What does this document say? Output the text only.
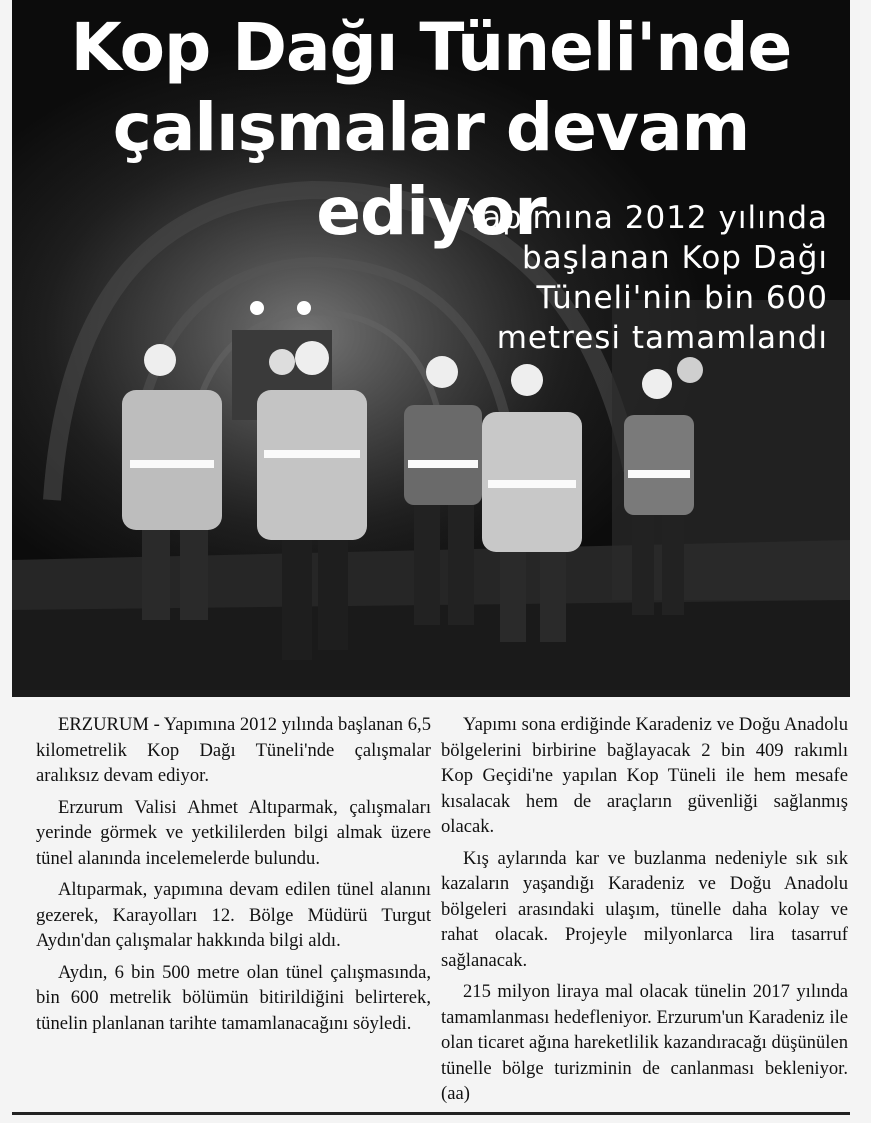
Kop Dağı Tüneli'nde
çalışmalar devam ediyor
Yapımına 2012 yılında
başlanan Kop Dağı
Tüneli'nin bin 600
metresi tamamlandı

ERZURUM - Yapımına 2012 yılında başlanan 6,5 kilometrelik Kop Dağı Tüneli'nde çalışmalar aralıksız devam ediyor.

Erzurum Valisi Ahmet Altıparmak, çalışmaları yerinde görmek ve yetkililerden bilgi almak üzere tünel alanında incelemelerde bulundu.

Altıparmak, yapımına devam edilen tünel alanını gezerek, Karayolları 12. Bölge Müdürü Turgut Aydın'dan çalışmalar hakkında bilgi aldı.

Aydın, 6 bin 500 metre olan tünel çalışmasında, bin 600 metrelik bölümün bitirildiğini belirterek, tünelin planlanan tarihte tamamlanacağını söyledi.

Yapımı sona erdiğinde Karadeniz ve Doğu Anadolu bölgelerini birbirine bağlayacak 2 bin 409 rakımlı Kop Geçidi'ne yapılan Kop Tüneli ile hem mesafe kısalacak hem de araçların güvenliği sağlanmış olacak.

Kış aylarında kar ve buzlanma nedeniyle sık sık kazaların yaşandığı Karadeniz ve Doğu Anadolu bölgeleri arasındaki ulaşım, tünelle daha kolay ve rahat olacak. Projeyle milyonlarca lira tasarruf sağlanacak.

215 milyon liraya mal olacak tünelin 2017 yılında tamamlanması hedefleniyor. Erzurum'un Karadeniz ile olan ticaret ağına hareketlilik kazandıracağı düşünülen tünelle bölge turizminin de canlanması bekleniyor. (aa)
